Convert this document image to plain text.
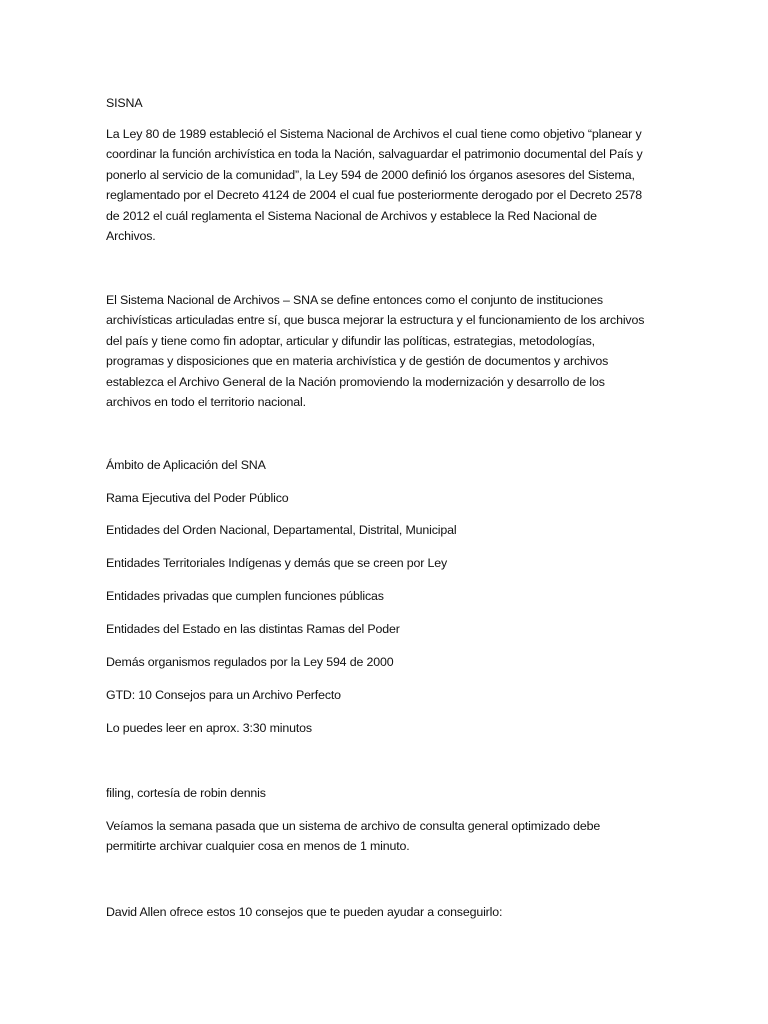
SISNA

La Ley 80 de 1989 estableció el Sistema Nacional de Archivos el cual tiene como objetivo “planear y coordinar la función archivística en toda la Nación, salvaguardar el patrimonio documental del País y ponerlo al servicio de la comunidad”, la Ley 594 de 2000 definió los órganos asesores del Sistema, reglamentado por el Decreto 4124 de 2004 el cual fue posteriormente derogado por el Decreto 2578 de 2012 el cuál reglamenta el Sistema Nacional de Archivos y establece la Red Nacional de Archivos.

El Sistema Nacional de Archivos – SNA se define entonces como el conjunto de instituciones archivísticas articuladas entre sí, que busca mejorar la estructura y el funcionamiento de los archivos del país y tiene como fin adoptar, articular y difundir las políticas, estrategias, metodologías, programas y disposiciones que en materia archivística y de gestión de documentos y archivos establezca el Archivo General de la Nación promoviendo la modernización y desarrollo de los archivos en todo el territorio nacional.

Ámbito de Aplicación del SNA

Rama Ejecutiva del Poder Público

Entidades del Orden Nacional, Departamental, Distrital, Municipal

Entidades Territoriales Indígenas y demás que se creen por Ley

Entidades privadas que cumplen funciones públicas

Entidades del Estado en las distintas Ramas del Poder

Demás organismos regulados por la Ley 594 de 2000

GTD: 10 Consejos para un Archivo Perfecto

Lo puedes leer en aprox. 3:30 minutos

filing, cortesía de robin dennis

Veíamos la semana pasada que un sistema de archivo de consulta general optimizado debe permitirte archivar cualquier cosa en menos de 1 minuto.

David Allen ofrece estos 10 consejos que te pueden ayudar a conseguirlo:
